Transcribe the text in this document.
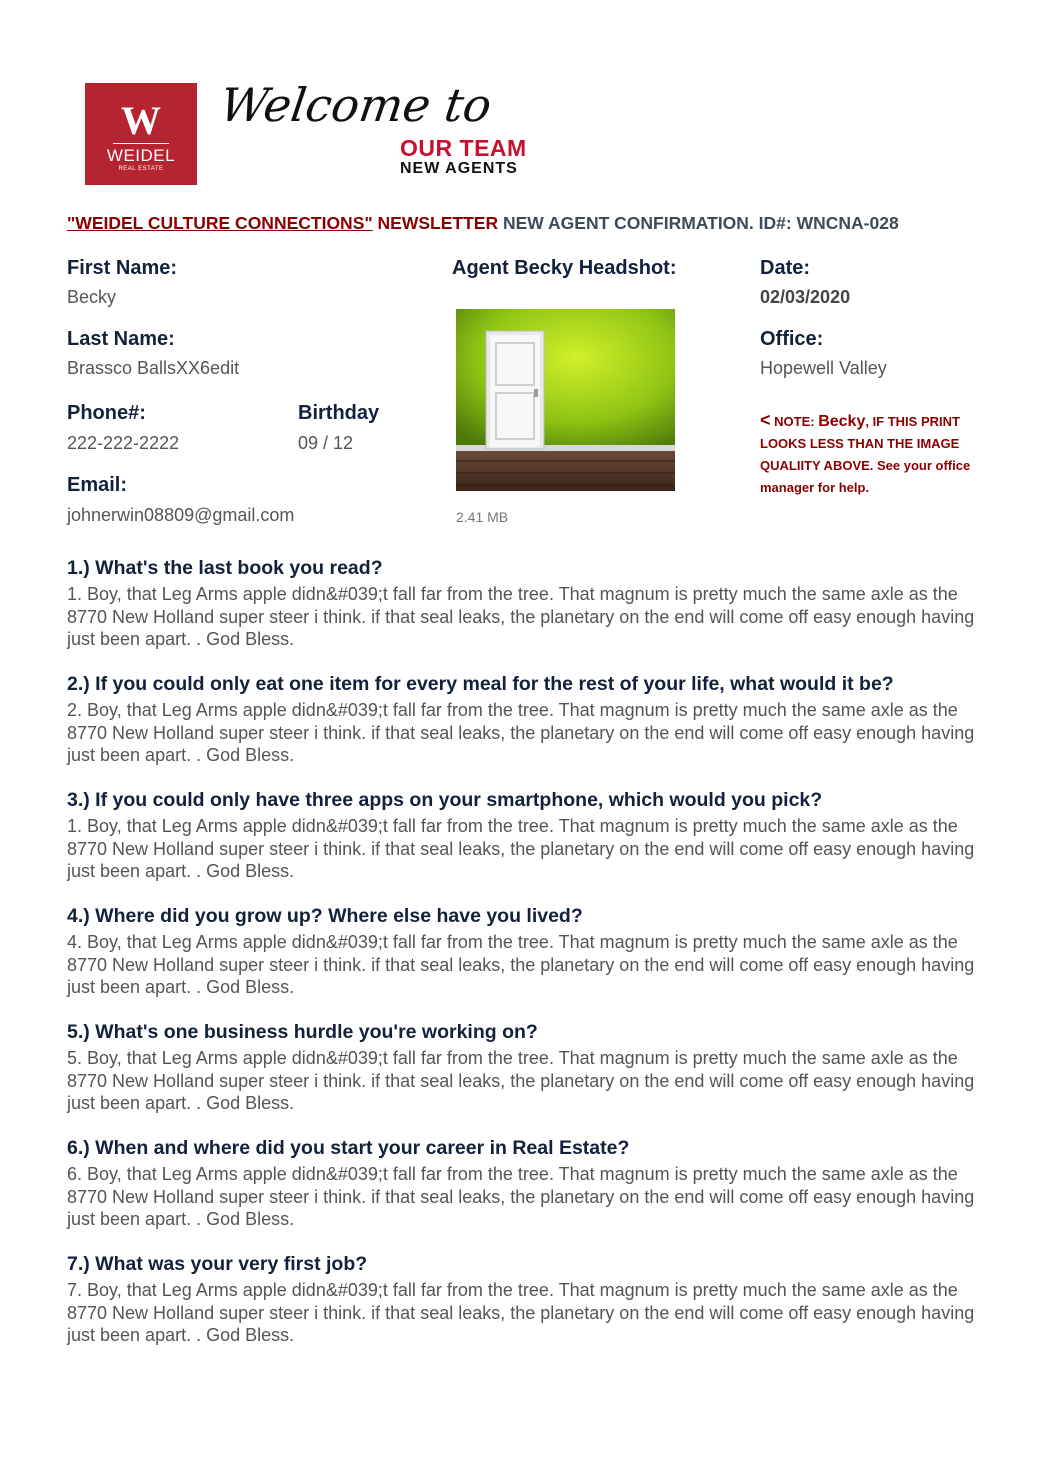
W
WEIDEL
REAL ESTATE
Welcome to
OUR TEAM
NEW AGENTS
"WEIDEL CULTURE CONNECTIONS" NEWSLETTER NEW AGENT CONFIRMATION. ID#: WNCNA-028
First Name:
Becky
Last Name:
Brassco BallsXX6edit
Phone#:
222-222-2222
Birthday
09 / 12
Email:
johnerwin08809@gmail.com
Agent Becky Headshot:
2.41 MB
Date:
02/03/2020
Office:
Hopewell Valley
< NOTE: Becky, IF THIS PRINT LOOKS LESS THAN THE IMAGE QUALIITY ABOVE. See your office manager for help.
1.) What's the last book you read?
1. Boy, that Leg Arms apple didn&#039;t fall far from the tree. That magnum is pretty much the same axle as the 8770 New Holland super steer i think. if that seal leaks, the planetary on the end will come off easy enough having just been apart. . God Bless.
2.) If you could only eat one item for every meal for the rest of your life, what would it be?
2. Boy, that Leg Arms apple didn&#039;t fall far from the tree. That magnum is pretty much the same axle as the 8770 New Holland super steer i think. if that seal leaks, the planetary on the end will come off easy enough having just been apart. . God Bless.
3.) If you could only have three apps on your smartphone, which would you pick?
1. Boy, that Leg Arms apple didn&#039;t fall far from the tree. That magnum is pretty much the same axle as the 8770 New Holland super steer i think. if that seal leaks, the planetary on the end will come off easy enough having just been apart. . God Bless.
4.) Where did you grow up? Where else have you lived?
4. Boy, that Leg Arms apple didn&#039;t fall far from the tree. That magnum is pretty much the same axle as the 8770 New Holland super steer i think. if that seal leaks, the planetary on the end will come off easy enough having just been apart. . God Bless.
5.) What's one business hurdle you're working on?
5. Boy, that Leg Arms apple didn&#039;t fall far from the tree. That magnum is pretty much the same axle as the 8770 New Holland super steer i think. if that seal leaks, the planetary on the end will come off easy enough having just been apart. . God Bless.
6.) When and where did you start your career in Real Estate?
6. Boy, that Leg Arms apple didn&#039;t fall far from the tree. That magnum is pretty much the same axle as the 8770 New Holland super steer i think. if that seal leaks, the planetary on the end will come off easy enough having just been apart. . God Bless.
7.) What was your very first job?
7. Boy, that Leg Arms apple didn&#039;t fall far from the tree. That magnum is pretty much the same axle as the 8770 New Holland super steer i think. if that seal leaks, the planetary on the end will come off easy enough having just been apart. . God Bless.
